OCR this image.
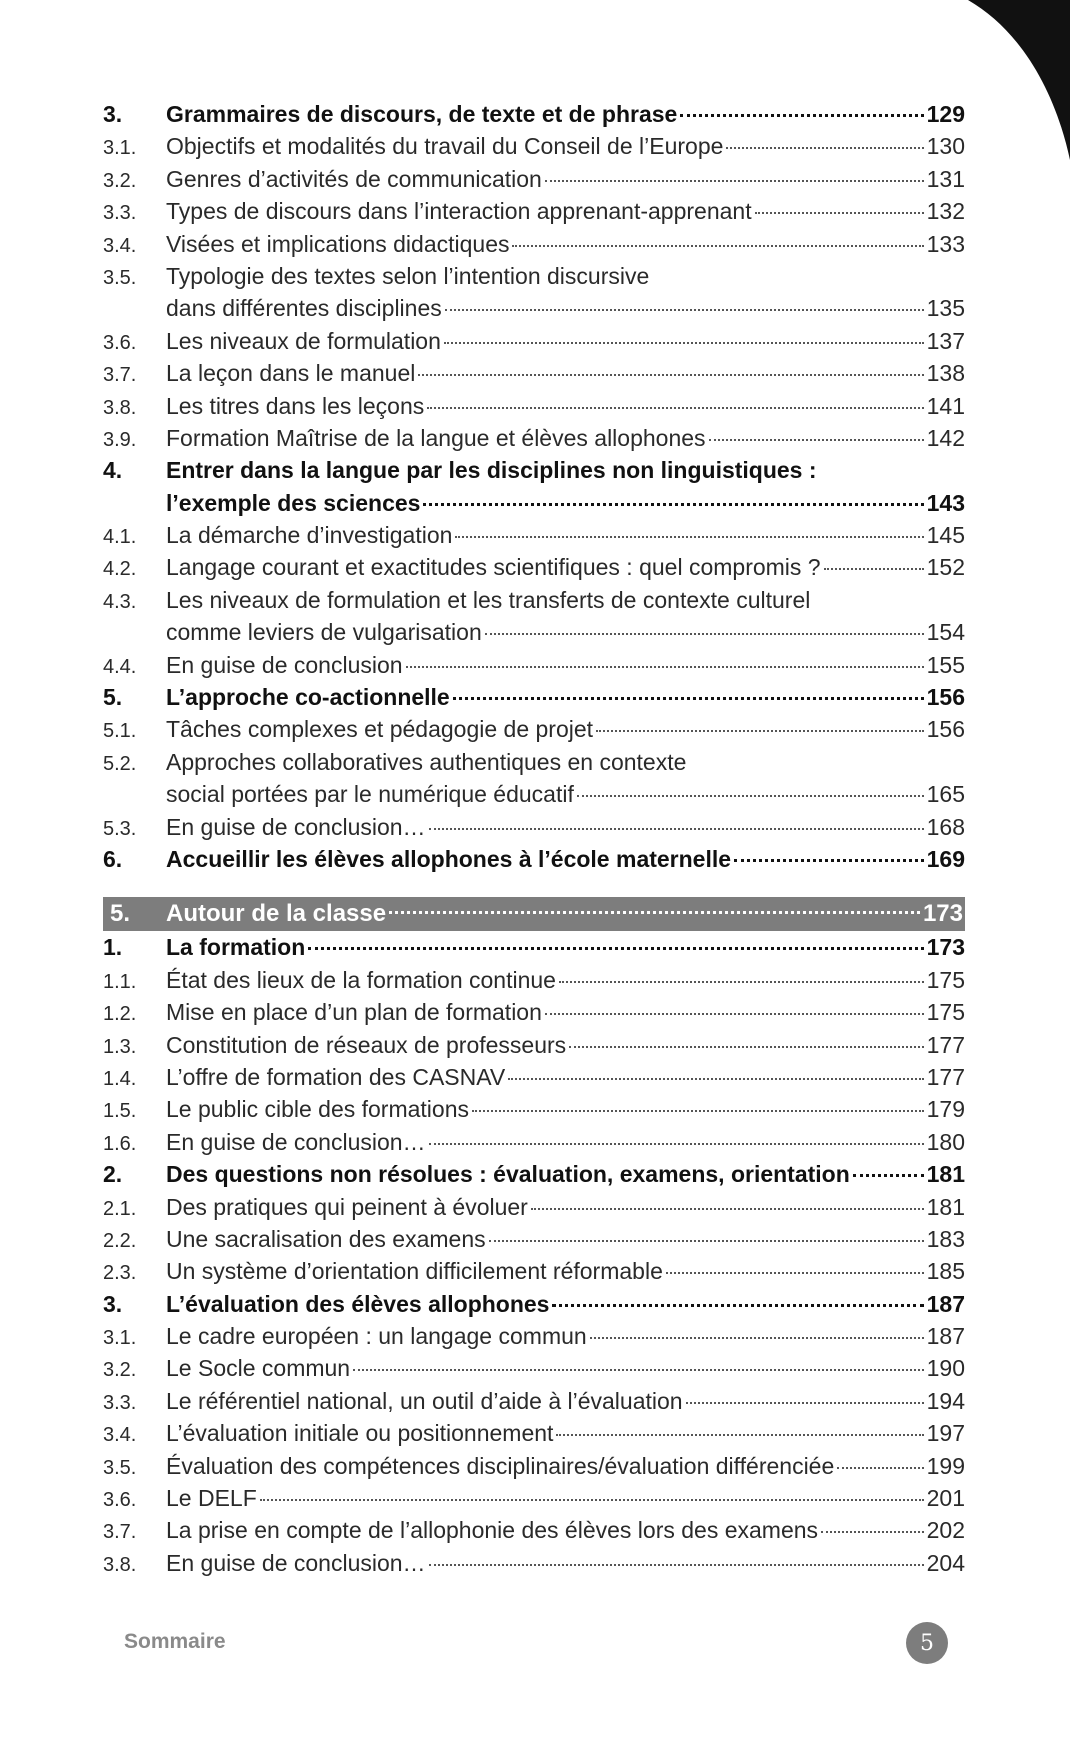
3.	Grammaires de discours, de texte et de phrase	129
3.1.	Objectifs et modalités du travail du Conseil de l’Europe	130
3.2.	Genres d’activités de communication	131
3.3.	Types de discours dans l’interaction apprenant-apprenant	132
3.4.	Visées et implications didactiques	133
3.5.	Typologie des textes selon l’intention discursive
dans différentes disciplines	135
3.6.	Les niveaux de formulation	137
3.7.	La leçon dans le manuel	138
3.8.	Les titres dans les leçons	141
3.9.	Formation Maîtrise de la langue et élèves allophones	142
4.	Entrer dans la langue par les disciplines non linguistiques :
l’exemple des sciences	143
4.1.	La démarche d’investigation	145
4.2.	Langage courant et exactitudes scientifiques : quel compromis ?	152
4.3.	Les niveaux de formulation et les transferts de contexte culturel
comme leviers de vulgarisation	154
4.4.	En guise de conclusion	155
5.	L’approche co-actionnelle	156
5.1.	Tâches complexes et pédagogie de projet	156
5.2.	Approches collaboratives authentiques en contexte
social portées par le numérique éducatif	165
5.3.	En guise de conclusion…	168
6.	Accueillir les élèves allophones à l’école maternelle	169
5.	Autour de la classe	173
1.	La formation	173
1.1.	État des lieux de la formation continue	175
1.2.	Mise en place d’un plan de formation	175
1.3.	Constitution de réseaux de professeurs	177
1.4.	L’offre de formation des CASNAV	177
1.5.	Le public cible des formations	179
1.6.	En guise de conclusion…	180
2.	Des questions non résolues : évaluation, examens, orientation	181
2.1.	Des pratiques qui peinent à évoluer	181
2.2.	Une sacralisation des examens	183
2.3.	Un système d’orientation difficilement réformable	185
3.	L’évaluation des élèves allophones	187
3.1.	Le cadre européen : un langage commun	187
3.2.	Le Socle commun	190
3.3.	Le référentiel national, un outil d’aide à l’évaluation	194
3.4.	L’évaluation initiale ou positionnement	197
3.5.	Évaluation des compétences disciplinaires/évaluation différenciée	199
3.6.	Le DELF	201
3.7.	La prise en compte de l’allophonie des élèves lors des examens	202
3.8.	En guise de conclusion…	204
Sommaire	5
